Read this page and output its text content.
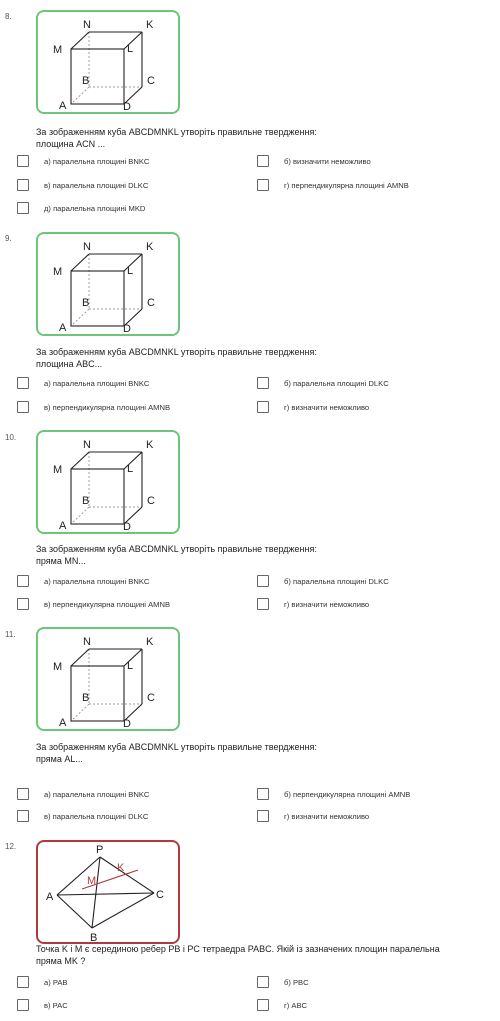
8.
N	K
M	L
B	C
A	D
За зображенням куба ABCDMNKL утворіть правильне твердження:
площина ACN ...
а) паралельна площині BNKC	б) визначити неможливо
в) паралельна площині DLKC	г) перпендикулярна площині AMNB
д) паралельна площині MKD
9.
N	K
M	L
B	C
A	D
За зображенням куба ABCDMNKL утворіть правильне твердження:
площина ABC...
а) паралельна площині BNKC	б) паралельна площині DLKC
в) перпендикулярна площині AMNB	г) визначити неможливо
10.
N	K
M	L
B	C
A	D
За зображенням куба ABCDMNKL утворіть правильне твердження:
пряма MN...
а) паралельна площині BNKC	б) паралельна площині DLKC
в) перпендикулярна площині AMNB	г) визначити неможливо
11.
N	K
M	L
B	C
A	D
За зображенням куба ABCDMNKL утворіть правильне твердження:
пряма AL...
а) паралельна площині BNKC	б) перпендикулярна площині AMNB
в) паралельна площині DLKC	г) визначити неможливо
12.	P
K
M
A	C
B
Точка K і M є серединою ребер PB і PC тетраедра PABC. Якій із зазначених площин паралельна
пряма MK ?
а) PAB	б) PBC
в) PAC	г) ABC
